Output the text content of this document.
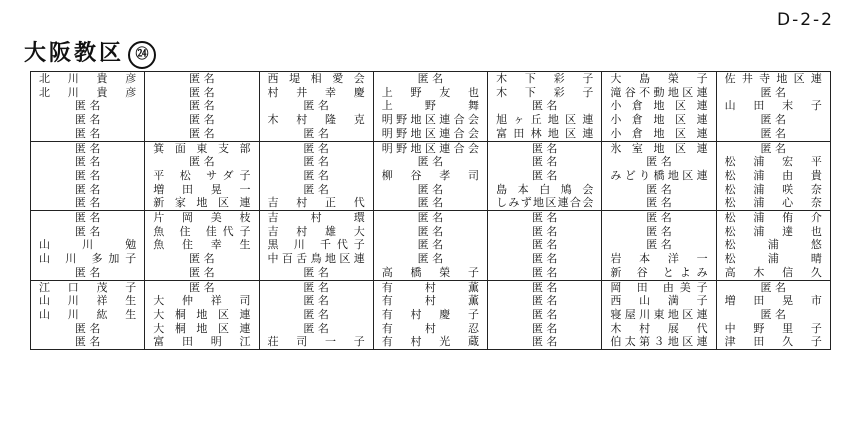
D-2-2
大阪教区 ㉔
北 川 貴 彦	匿 名	西堤相愛会	匿 名	木 下 彩 子	大 島 榮 子	佐井寺地区連
北 川 貴 彦	匿 名	村 井 幸 慶	上 野 友 也	木 下 彩 子	滝谷不動地区連	匿 名
匿 名	匿 名	匿 名	上 野 舞	匿 名	小 倉 地 区 連	山 田 末 子
匿 名	匿 名	木 村 隆 克	明野地区連合会	旭ヶ丘地区連	小 倉 地 区 連	匿 名
匿 名	匿 名	匿 名	明野地区連合会	富田林地区連	小 倉 地 区 連	匿 名
匿 名	箕面東支部	匿 名	明野地区連合会	匿 名	氷 室 地 区 連	匿 名
匿 名	匿 名	匿 名	匿 名	匿 名	匿 名	松 浦 宏 平
匿 名	平 松 サダ子	匿 名	柳 谷 孝 司	匿 名	みどり橋地区連	松 浦 由 貴
匿 名	増 田 晃 一	匿 名	匿 名	島本白鳩会	匿 名	松 浦 咲 奈
匿 名	新家地区連	吉 村 正 代	匿 名	しみず地区連合会	匿 名	松 浦 心 奈
匿 名	片 岡 美 枝	吉 村 環	匿 名	匿 名	匿 名	松 浦 侑 介
匿 名	魚 住 佳代子	吉 村 雄 大	匿 名	匿 名	匿 名	松 浦 達 也
山 川 勉	魚 住 幸 生	黒 川 千代子	匿 名	匿 名	匿 名	松 浦 悠
山 川 多加子	匿 名	中百舌鳥地区連	匿 名	匿 名	岩 本 洋 一	松 浦 晴
匿 名	匿 名	匿 名	高 橋 榮 子	匿 名	新 谷 とよみ	高 木 信 久
江 口 茂 子	匿 名	匿 名	有 村 薫	匿 名	岡 田 由美子	匿 名
山 川 祥 生	大 仲 祥 司	匿 名	有 村 薫	匿 名	西 山 満 子	増 田 晃 市
山 川 紘 生	大桐地区連	匿 名	有 村 慶 子	匿 名	寝屋川東地区連	匿 名
匿 名	大桐地区連	匿 名	有 村 忍	匿 名	木 村 展 代	中 野 里 子
匿 名	富 田 明 江	荘 司 一 子	有 村 光 蔵	匿 名	伯太第３地区連	津 田 久 子
